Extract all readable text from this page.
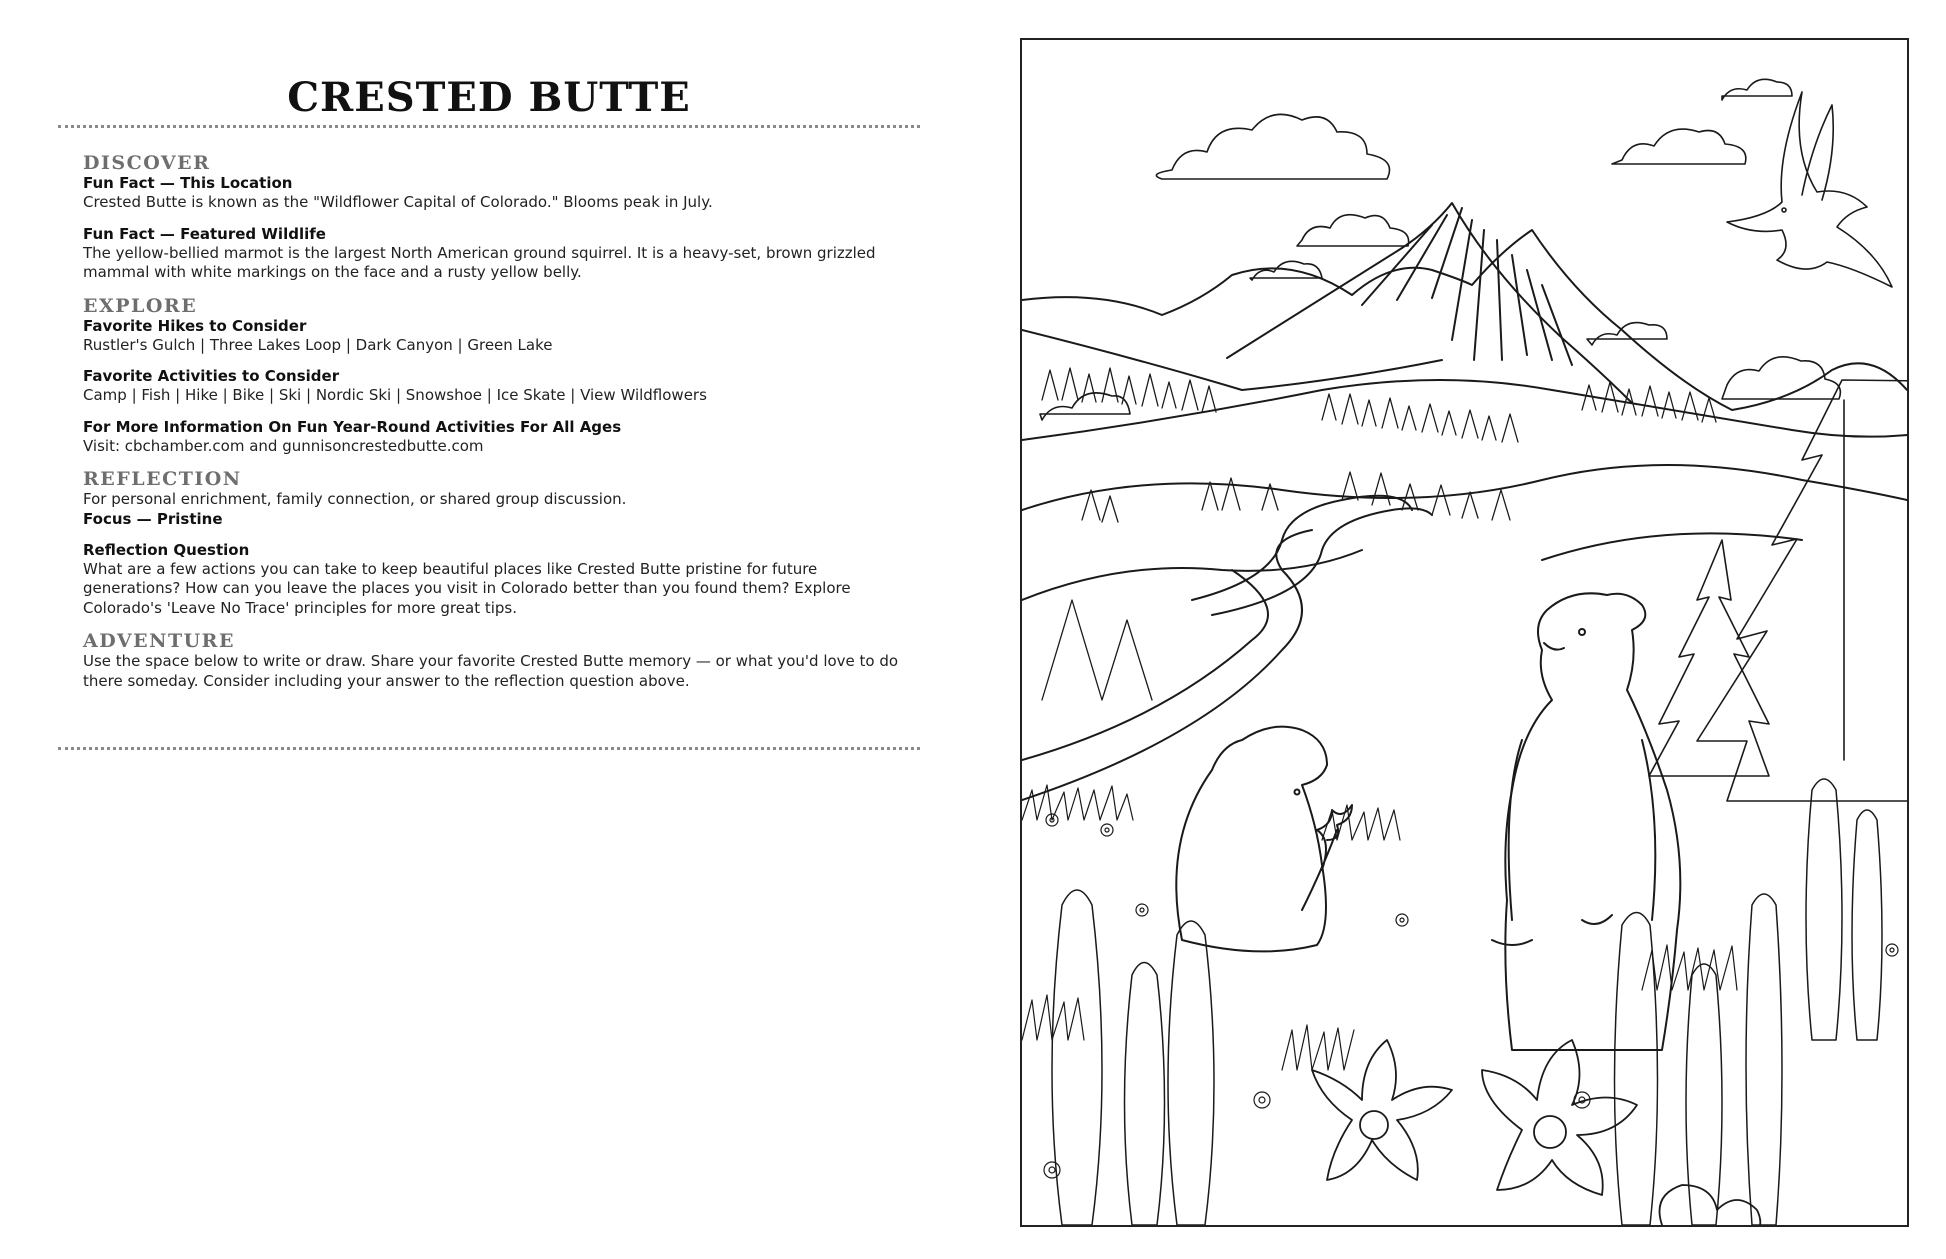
CRESTED BUTTE
DISCOVER
Fun Fact — This Location
Crested Butte is known as the "Wildflower Capital of Colorado." Blooms peak in July.
Fun Fact — Featured Wildlife
The yellow-bellied marmot is the largest North American ground squirrel. It is a heavy-set, brown grizzled mammal with white markings on the face and a rusty yellow belly.
EXPLORE
Favorite Hikes to Consider
Rustler's Gulch | Three Lakes Loop | Dark Canyon | Green Lake
Favorite Activities to Consider
Camp | Fish | Hike | Bike | Ski | Nordic Ski | Snowshoe | Ice Skate | View Wildflowers
For More Information On Fun Year-Round Activities For All Ages
Visit: cbchamber.com and gunnisoncrestedbutte.com
REFLECTION
For personal enrichment, family connection, or shared group discussion.
Focus — Pristine
Reflection Question
What are a few actions you can take to keep beautiful places like Crested Butte pristine for future generations? How can you leave the places you visit in Colorado better than you found them? Explore Colorado's 'Leave No Trace' principles for more great tips.
ADVENTURE
Use the space below to write or draw. Share your favorite Crested Butte memory — or what you'd love to do there someday. Consider including your answer to the reflection question above.
